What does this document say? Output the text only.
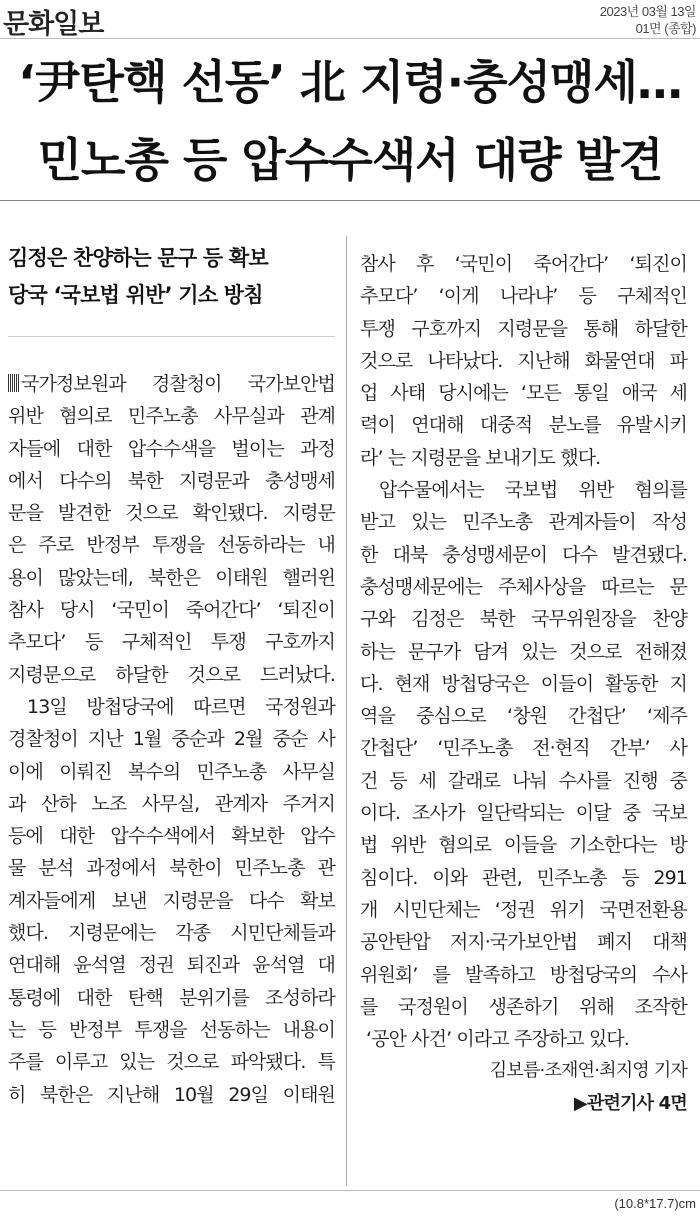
문화일보	2023년 03월 13일
01면 (종합)
‘尹탄핵 선동’ 北 지령·충성맹세…
민노총 등 압수수색서 대량 발견
김정은 찬양하는 문구 등 확보
당국 ‘국보법 위반’ 기소 방침
국가정보원과 경찰청이 국가보안법
위반 혐의로 민주노총 사무실과 관계
자들에 대한 압수수색을 벌이는 과정
에서 다수의 북한 지령문과 충성맹세
문을 발견한 것으로 확인됐다. 지령문
은 주로 반정부 투쟁을 선동하라는 내
용이 많았는데, 북한은 이태원 핼러윈
참사 당시 ‘국민이 죽어간다’ ‘퇴진이
추모다’ 등 구체적인 투쟁 구호까지
지령문으로 하달한 것으로 드러났다.
13일 방첩당국에 따르면 국정원과
경찰청이 지난 1월 중순과 2월 중순 사
이에 이뤄진 복수의 민주노총 사무실
과 산하 노조 사무실, 관계자 주거지
등에 대한 압수수색에서 확보한 압수
물 분석 과정에서 북한이 민주노총 관
계자들에게 보낸 지령문을 다수 확보
했다. 지령문에는 각종 시민단체들과
연대해 윤석열 정권 퇴진과 윤석열 대
통령에 대한 탄핵 분위기를 조성하라
는 등 반정부 투쟁을 선동하는 내용이
주를 이루고 있는 것으로 파악됐다. 특
히 북한은 지난해 10월 29일 이태원
참사 후 ‘국민이 죽어간다’ ‘퇴진이
추모다’ ‘이게 나라냐’ 등 구체적인
투쟁 구호까지 지령문을 통해 하달한
것으로 나타났다. 지난해 화물연대 파
업 사태 당시에는 ‘모든 통일 애국 세
력이 연대해 대중적 분노를 유발시키
라’ 는 지령문을 보내기도 했다.
압수물에서는 국보법 위반 혐의를
받고 있는 민주노총 관계자들이 작성
한 대북 충성맹세문이 다수 발견됐다.
충성맹세문에는 주체사상을 따르는 문
구와 김정은 북한 국무위원장을 찬양
하는 문구가 담겨 있는 것으로 전해졌
다. 현재 방첩당국은 이들이 활동한 지
역을 중심으로 ‘창원 간첩단’ ‘제주
간첩단’ ‘민주노총 전·현직 간부’ 사
건 등 세 갈래로 나눠 수사를 진행 중
이다. 조사가 일단락되는 이달 중 국보
법 위반 혐의로 이들을 기소한다는 방
침이다. 이와 관련, 민주노총 등 291
개 시민단체는 ‘정권 위기 국면전환용
공안탄압 저지·국가보안법 폐지 대책
위원회’ 를 발족하고 방첩당국의 수사
를 국정원이 생존하기 위해 조작한
‘공안 사건’ 이라고 주장하고 있다.
김보름·조재연·최지영 기자
▶관련기사 4면
(10.8*17.7)cm
